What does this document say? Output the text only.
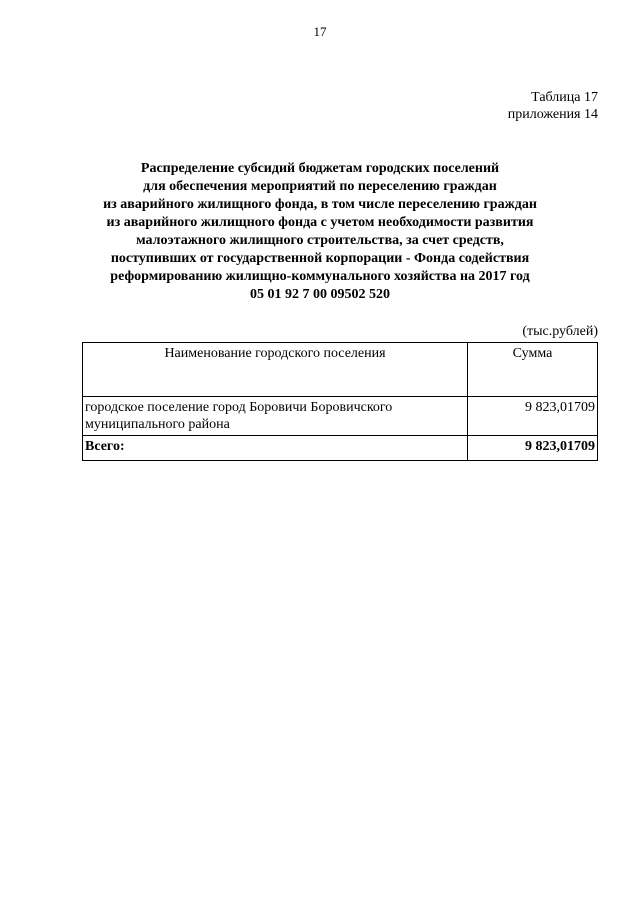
17
Таблица 17
приложения 14
Распределение субсидий бюджетам городских поселений
для обеспечения мероприятий по переселению граждан
из аварийного жилищного фонда, в том числе переселению граждан
из аварийного жилищного фонда с учетом необходимости развития
малоэтажного жилищного строительства, за счет средств,
поступивших от государственной корпорации - Фонда содействия
реформированию жилищно-коммунального хозяйства на 2017 год
05 01 92 7 00 09502 520
(тыс.рублей)
Наименование городского поселения	Сумма
городское поселение город Боровичи Боровичского муниципального района	9 823,01709
Всего:	9 823,01709
